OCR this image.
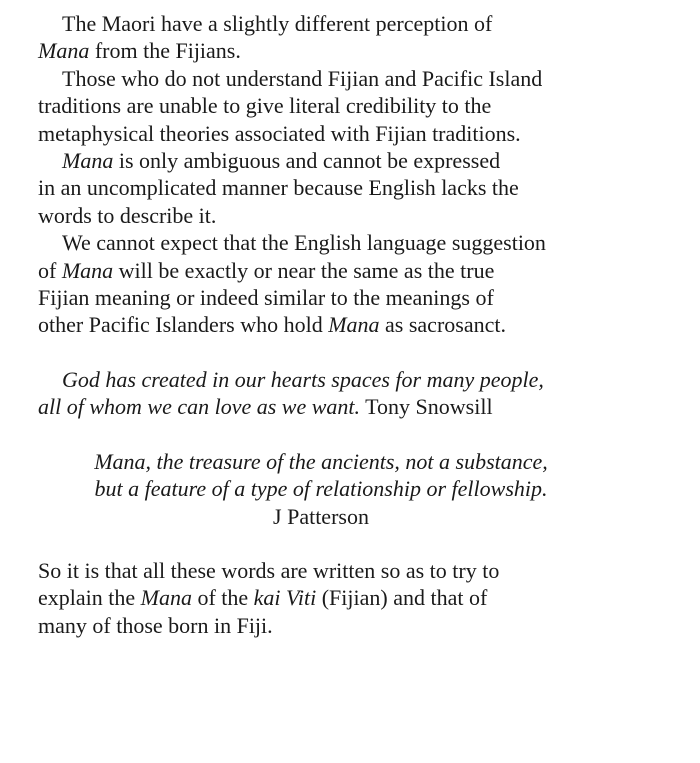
The Maori have a slightly different perception of
Mana from the Fijians.
Those who do not understand Fijian and Pacific Island
traditions are unable to give literal credibility to the
metaphysical theories associated with Fijian traditions.
Mana is only ambiguous and cannot be expressed
in an uncomplicated manner because English lacks the
words to describe it.
We cannot expect that the English language suggestion
of Mana will be exactly or near the same as the true
Fijian meaning or indeed similar to the meanings of
other Pacific Islanders who hold Mana as sacrosanct.
God has created in our hearts spaces for many people,
all of whom we can love as we want. Tony Snowsill
Mana, the treasure of the ancients, not a substance,
but a feature of a type of relationship or fellowship.
J Patterson
So it is that all these words are written so as to try to
explain the Mana of the kai Viti (Fijian) and that of
many of those born in Fiji.
